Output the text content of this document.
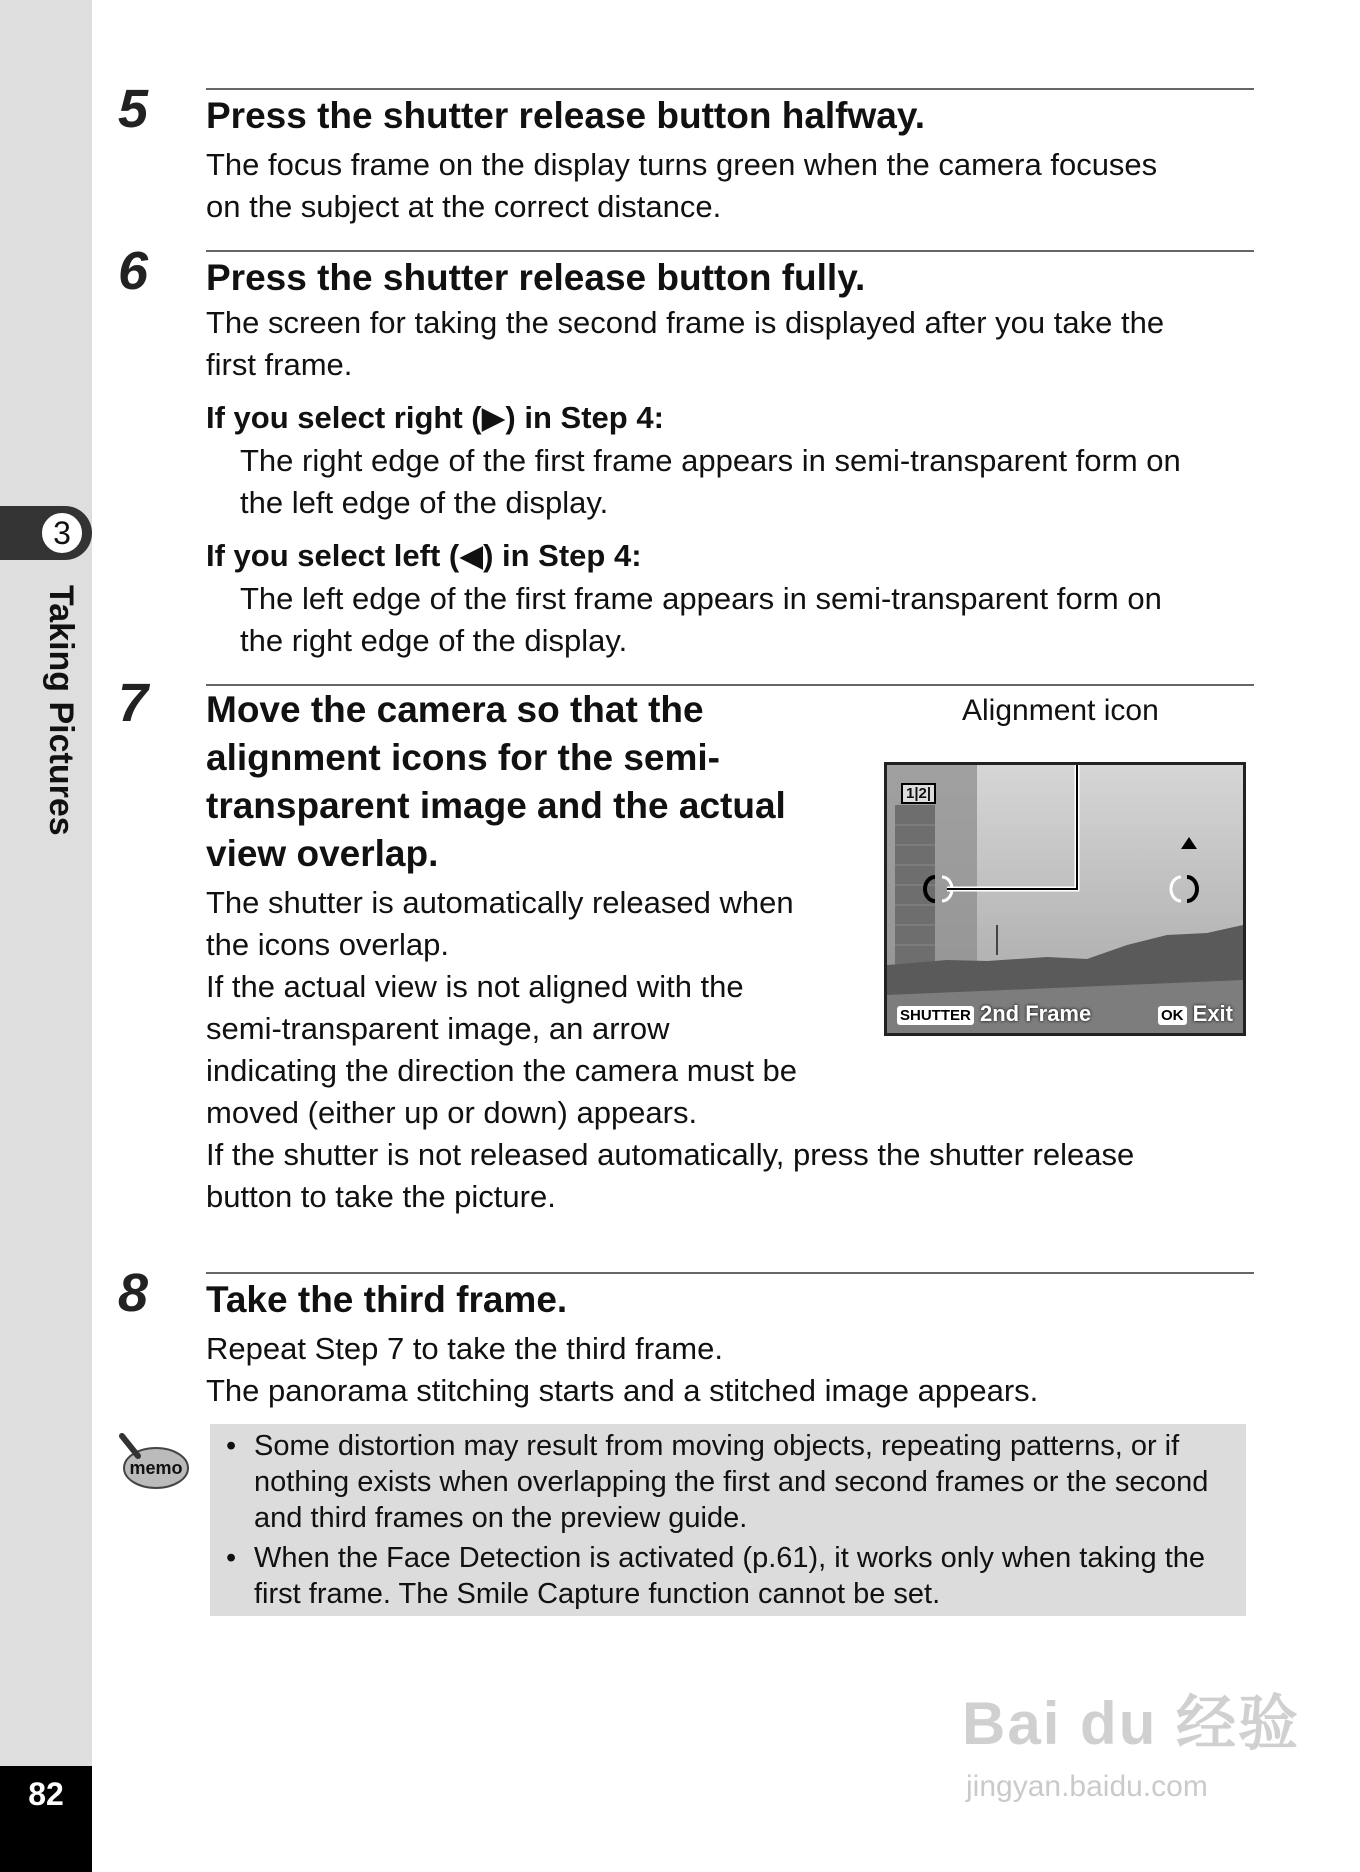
3
Taking Pictures
82
5 Press the shutter release button halfway.

The focus frame on the display turns green when the camera focuses

on the subject at the correct distance.

6 Press the shutter release button fully.

The screen for taking the second frame is displayed after you take the

first frame.

If you select right (▶) in Step 4:

The right edge of the first frame appears in semi-transparent form on

the left edge of the display.

If you select left (◀) in Step 4:

The left edge of the first frame appears in semi-transparent form on

the right edge of the display.

7 Move the camera so that the
alignment icons for the semi-
transparent image and the actual
view overlap.

The shutter is automatically released when

the icons overlap.

If the actual view is not aligned with the

semi-transparent image, an arrow

indicating the direction the camera must be

moved (either up or down) appears.

If the shutter is not released automatically, press the shutter release

button to take the picture.

Alignment icon
1|2|
SHUTTER 2nd Frame	OK Exit
8 Take the third frame.

Repeat Step 7 to take the third frame.

The panorama stitching starts and a stitched image appears.

memo
• Some distortion may result from moving objects, repeating patterns, or if nothing exists when overlapping the first and second frames or the second and third frames on the preview guide.
• When the Face Detection is activated (p.61), it works only when taking the first frame. The Smile Capture function cannot be set.
Bai du 经验
jingyan.baidu.com
